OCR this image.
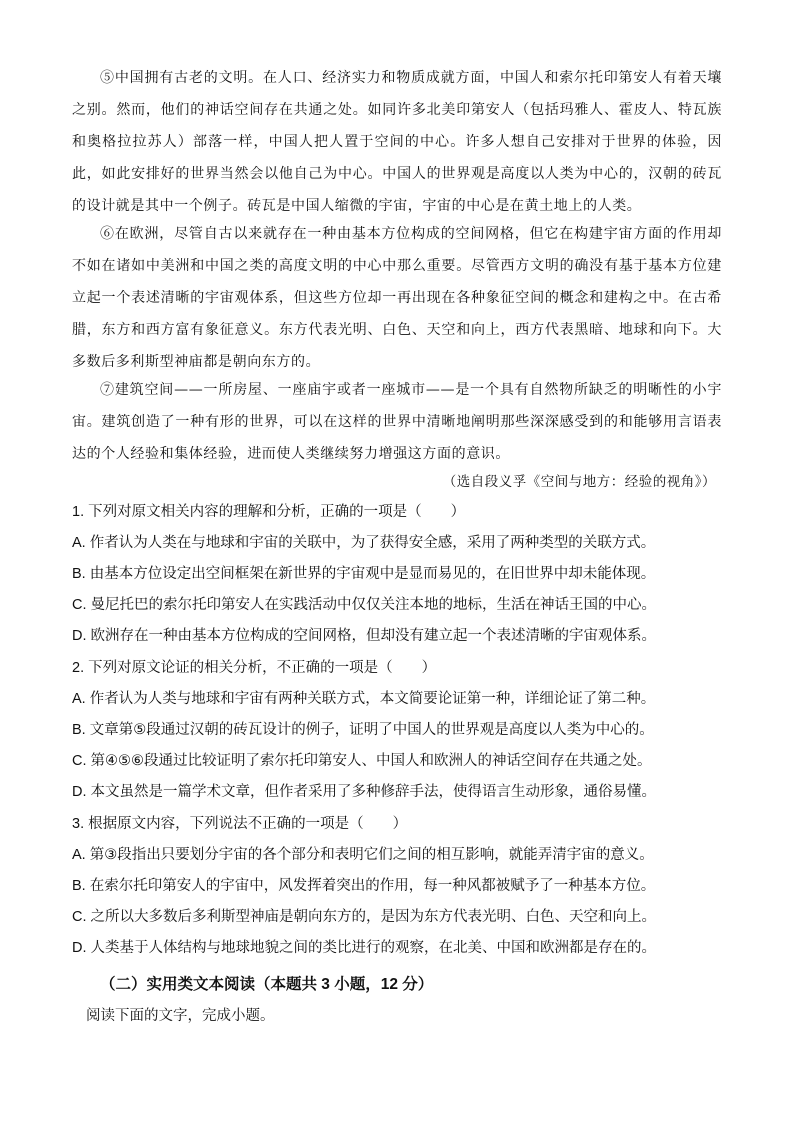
⑤中国拥有古老的文明。在人口、经济实力和物质成就方面，中国人和索尔托印第安人有着天壤之别。然而，他们的神话空间存在共通之处。如同许多北美印第安人（包括玛雅人、霍皮人、特瓦族和奥格拉拉苏人）部落一样，中国人把人置于空间的中心。许多人想自己安排对于世界的体验，因此，如此安排好的世界当然会以他自己为中心。中国人的世界观是高度以人类为中心的，汉朝的砖瓦的设计就是其中一个例子。砖瓦是中国人缩微的宇宙，宇宙的中心是在黄土地上的人类。

⑥在欧洲，尽管自古以来就存在一种由基本方位构成的空间网格，但它在构建宇宙方面的作用却不如在诸如中美洲和中国之类的高度文明的中心中那么重要。尽管西方文明的确没有基于基本方位建立起一个表述清晰的宇宙观体系，但这些方位却一再出现在各种象征空间的概念和建构之中。在古希腊，东方和西方富有象征意义。东方代表光明、白色、天空和向上，西方代表黑暗、地球和向下。大多数后多利斯型神庙都是朝向东方的。

⑦建筑空间——一所房屋、一座庙宇或者一座城市——是一个具有自然物所缺乏的明晰性的小宇宙。建筑创造了一种有形的世界，可以在这样的世界中清晰地阐明那些深深感受到的和能够用言语表达的个人经验和集体经验，进而使人类继续努力增强这方面的意识。

（选自段义孚《空间与地方：经验的视角》）

1. 下列对原文相关内容的理解和分析，正确的一项是（　　）

A. 作者认为人类在与地球和宇宙的关联中，为了获得安全感，采用了两种类型的关联方式。

B. 由基本方位设定出空间框架在新世界的宇宙观中是显而易见的，在旧世界中却未能体现。

C. 曼尼托巴的索尔托印第安人在实践活动中仅仅关注本地的地标，生活在神话王国的中心。

D. 欧洲存在一种由基本方位构成的空间网格，但却没有建立起一个表述清晰的宇宙观体系。

2. 下列对原文论证的相关分析，不正确的一项是（　　）

A. 作者认为人类与地球和宇宙有两种关联方式，本文简要论证第一种，详细论证了第二种。

B. 文章第⑤段通过汉朝的砖瓦设计的例子，证明了中国人的世界观是高度以人类为中心的。

C. 第④⑤⑥段通过比较证明了索尔托印第安人、中国人和欧洲人的神话空间存在共通之处。

D. 本文虽然是一篇学术文章，但作者采用了多种修辞手法，使得语言生动形象，通俗易懂。

3. 根据原文内容，下列说法不正确的一项是（　　）

A. 第③段指出只要划分宇宙的各个部分和表明它们之间的相互影响，就能弄清宇宙的意义。

B. 在索尔托印第安人的宇宙中，风发挥着突出的作用，每一种风都被赋予了一种基本方位。

C. 之所以大多数后多利斯型神庙是朝向东方的，是因为东方代表光明、白色、天空和向上。

D. 人类基于人体结构与地球地貌之间的类比进行的观察，在北美、中国和欧洲都是存在的。

（二）实用类文本阅读（本题共 3 小题，12 分）

阅读下面的文字，完成小题。
